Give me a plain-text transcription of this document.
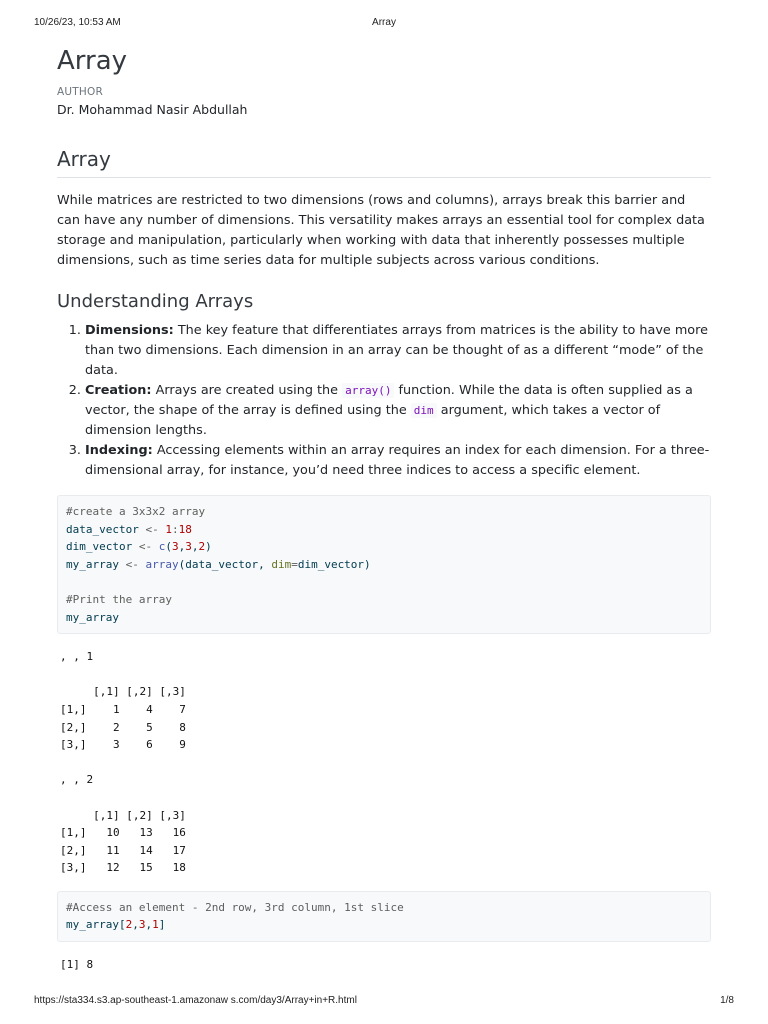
10/26/23, 10:53 AM	Array
Array
AUTHOR
Dr. Mohammad Nasir Abdullah
Array

While matrices are restricted to two dimensions (rows and columns), arrays break this barrier and can have any number of dimensions. This versatility makes arrays an essential tool for complex data storage and manipulation, particularly when working with data that inherently possesses multiple dimensions, such as time series data for multiple subjects across various conditions.

Understanding Arrays
1. Dimensions: The key feature that differentiates arrays from matrices is the ability to have more than two dimensions. Each dimension in an array can be thought of as a different “mode” of the data.
2. Creation: Arrays are created using the array() function. While the data is often supplied as a vector, the shape of the array is defined using the dim argument, which takes a vector of dimension lengths.
3. Indexing: Accessing elements within an array requires an index for each dimension. For a three-dimensional array, for instance, you’d need three indices to access a specific element.
#create a 3x3x2 array
data_vector <- 1:18
dim_vector <- c(3,3,2)
my_array <- array(data_vector, dim=dim_vector)

#Print the array
my_array
, , 1
[,1] [,2] [,3]
[1,]    1    4    7
[2,]    2    5    8
[3,]    3    6    9
, , 2
[,1] [,2] [,3]
[1,]   10   13   16
[2,]   11   14   17
[3,]   12   15   18
#Access an element - 2nd row, 3rd column, 1st slice
my_array[2,3,1]
[1] 8
https://sta334.s3.ap-southeast-1.amazonaw s.com/day3/Array+in+R.html	1/8
